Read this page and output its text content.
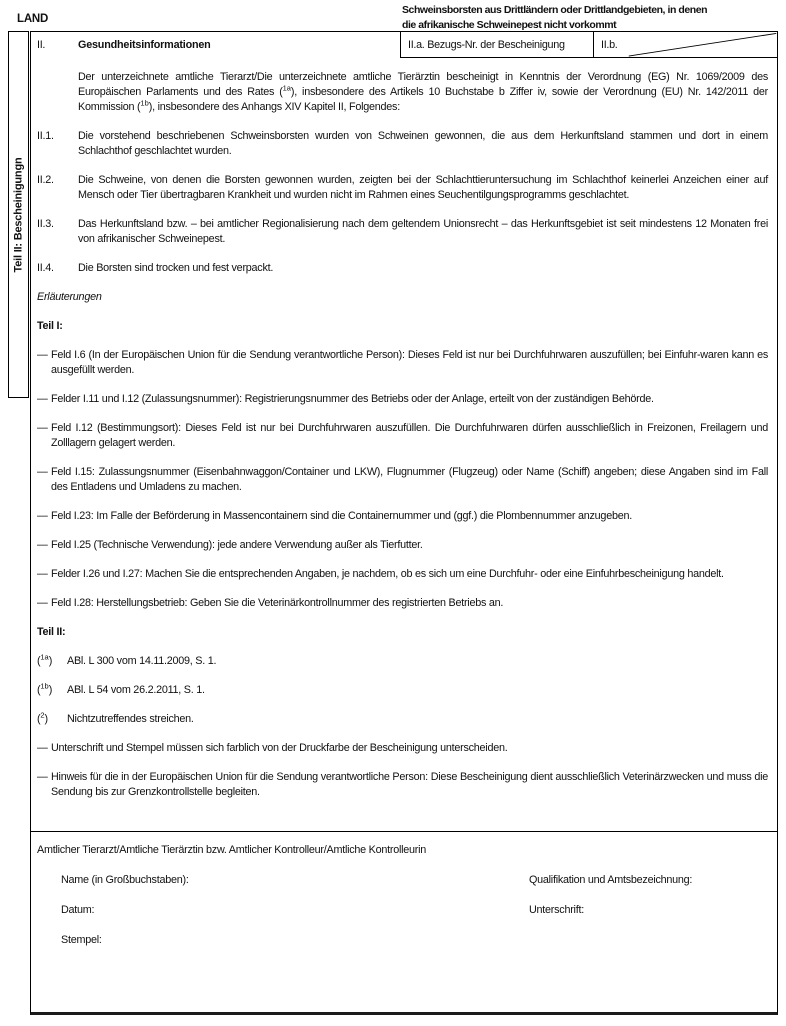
LAND
Schweinsborsten aus Drittländern oder Drittlandgebieten, in denen
die afrikanische Schweinepest nicht vorkommt
Teil II: Bescheinigungn
II.	Gesundheitsinformationen	II.a. Bezugs-Nr. der Bescheinigung	II.b.
Der unterzeichnete amtliche Tierarzt/Die unterzeichnete amtliche Tierärztin bescheinigt in Kenntnis der Verordnung (EG) Nr. 1069/2009 des Europäischen Parlaments und des Rates ($^{1a}$), insbesondere des Artikels 10 Buchstabe b Ziffer iv, sowie der Verordnung (EU) Nr. 142/2011 der Kommission ($^{1b}$), insbesondere des Anhangs XIV Kapitel II, Folgendes:
II.1.	Die vorstehend beschriebenen Schweinsborsten wurden von Schweinen gewonnen, die aus dem Herkunftsland stammen und dort in einem Schlachthof geschlachtet wurden.
II.2.	Die Schweine, von denen die Borsten gewonnen wurden, zeigten bei der Schlachttieruntersuchung im Schlachthof keinerlei Anzeichen einer auf Mensch oder Tier übertragbaren Krankheit und wurden nicht im Rahmen eines Seuchentilgungsprogramms geschlachtet.
II.3.	Das Herkunftsland bzw. – bei amtlicher Regionalisierung nach dem geltendem Unionsrecht – das Herkunftsgebiet ist seit mindestens 12 Monaten frei von afrikanischer Schweinepest.
II.4.	Die Borsten sind trocken und fest verpackt.
Erläuterungen
Teil I:
— Feld I.6 (In der Europäischen Union für die Sendung verantwortliche Person): Dieses Feld ist nur bei Durchfuhrwaren auszufüllen; bei Einfuhr-waren kann es ausgefüllt werden.
— Felder I.11 und I.12 (Zulassungsnummer): Registrierungsnummer des Betriebs oder der Anlage, erteilt von der zuständigen Behörde.
— Feld I.12 (Bestimmungsort): Dieses Feld ist nur bei Durchfuhrwaren auszufüllen. Die Durchfuhrwaren dürfen ausschließlich in Freizonen, Freilagern und Zolllagern gelagert werden.
— Feld I.15: Zulassungsnummer (Eisenbahnwaggon/Container und LKW), Flugnummer (Flugzeug) oder Name (Schiff) angeben; diese Angaben sind im Fall des Entladens und Umladens zu machen.
— Feld I.23: Im Falle der Beförderung in Massencontainern sind die Containernummer und (ggf.) die Plombennummer anzugeben.
— Feld I.25 (Technische Verwendung): jede andere Verwendung außer als Tierfutter.
— Felder I.26 und I.27: Machen Sie die entsprechenden Angaben, je nachdem, ob es sich um eine Durchfuhr- oder eine Einfuhrbescheinigung handelt.
— Feld I.28: Herstellungsbetrieb: Geben Sie die Veterinärkontrollnummer des registrierten Betriebs an.
Teil II:
($^{1a}$)	ABl. L 300 vom 14.11.2009, S. 1.
($^{1b}$)	ABl. L 54 vom 26.2.2011, S. 1.
($^2$)	Nichtzutreffendes streichen.
— Unterschrift und Stempel müssen sich farblich von der Druckfarbe der Bescheinigung unterscheiden.
— Hinweis für die in der Europäischen Union für die Sendung verantwortliche Person: Diese Bescheinigung dient ausschließlich Veterinärzwecken und muss die Sendung bis zur Grenzkontrollstelle begleiten.
Amtlicher Tierarzt/Amtliche Tierärztin bzw. Amtlicher Kontrolleur/Amtliche Kontrolleurin
Name (in Großbuchstaben):	Qualifikation und Amtsbezeichnung:
Datum:	Unterschrift:
Stempel:
